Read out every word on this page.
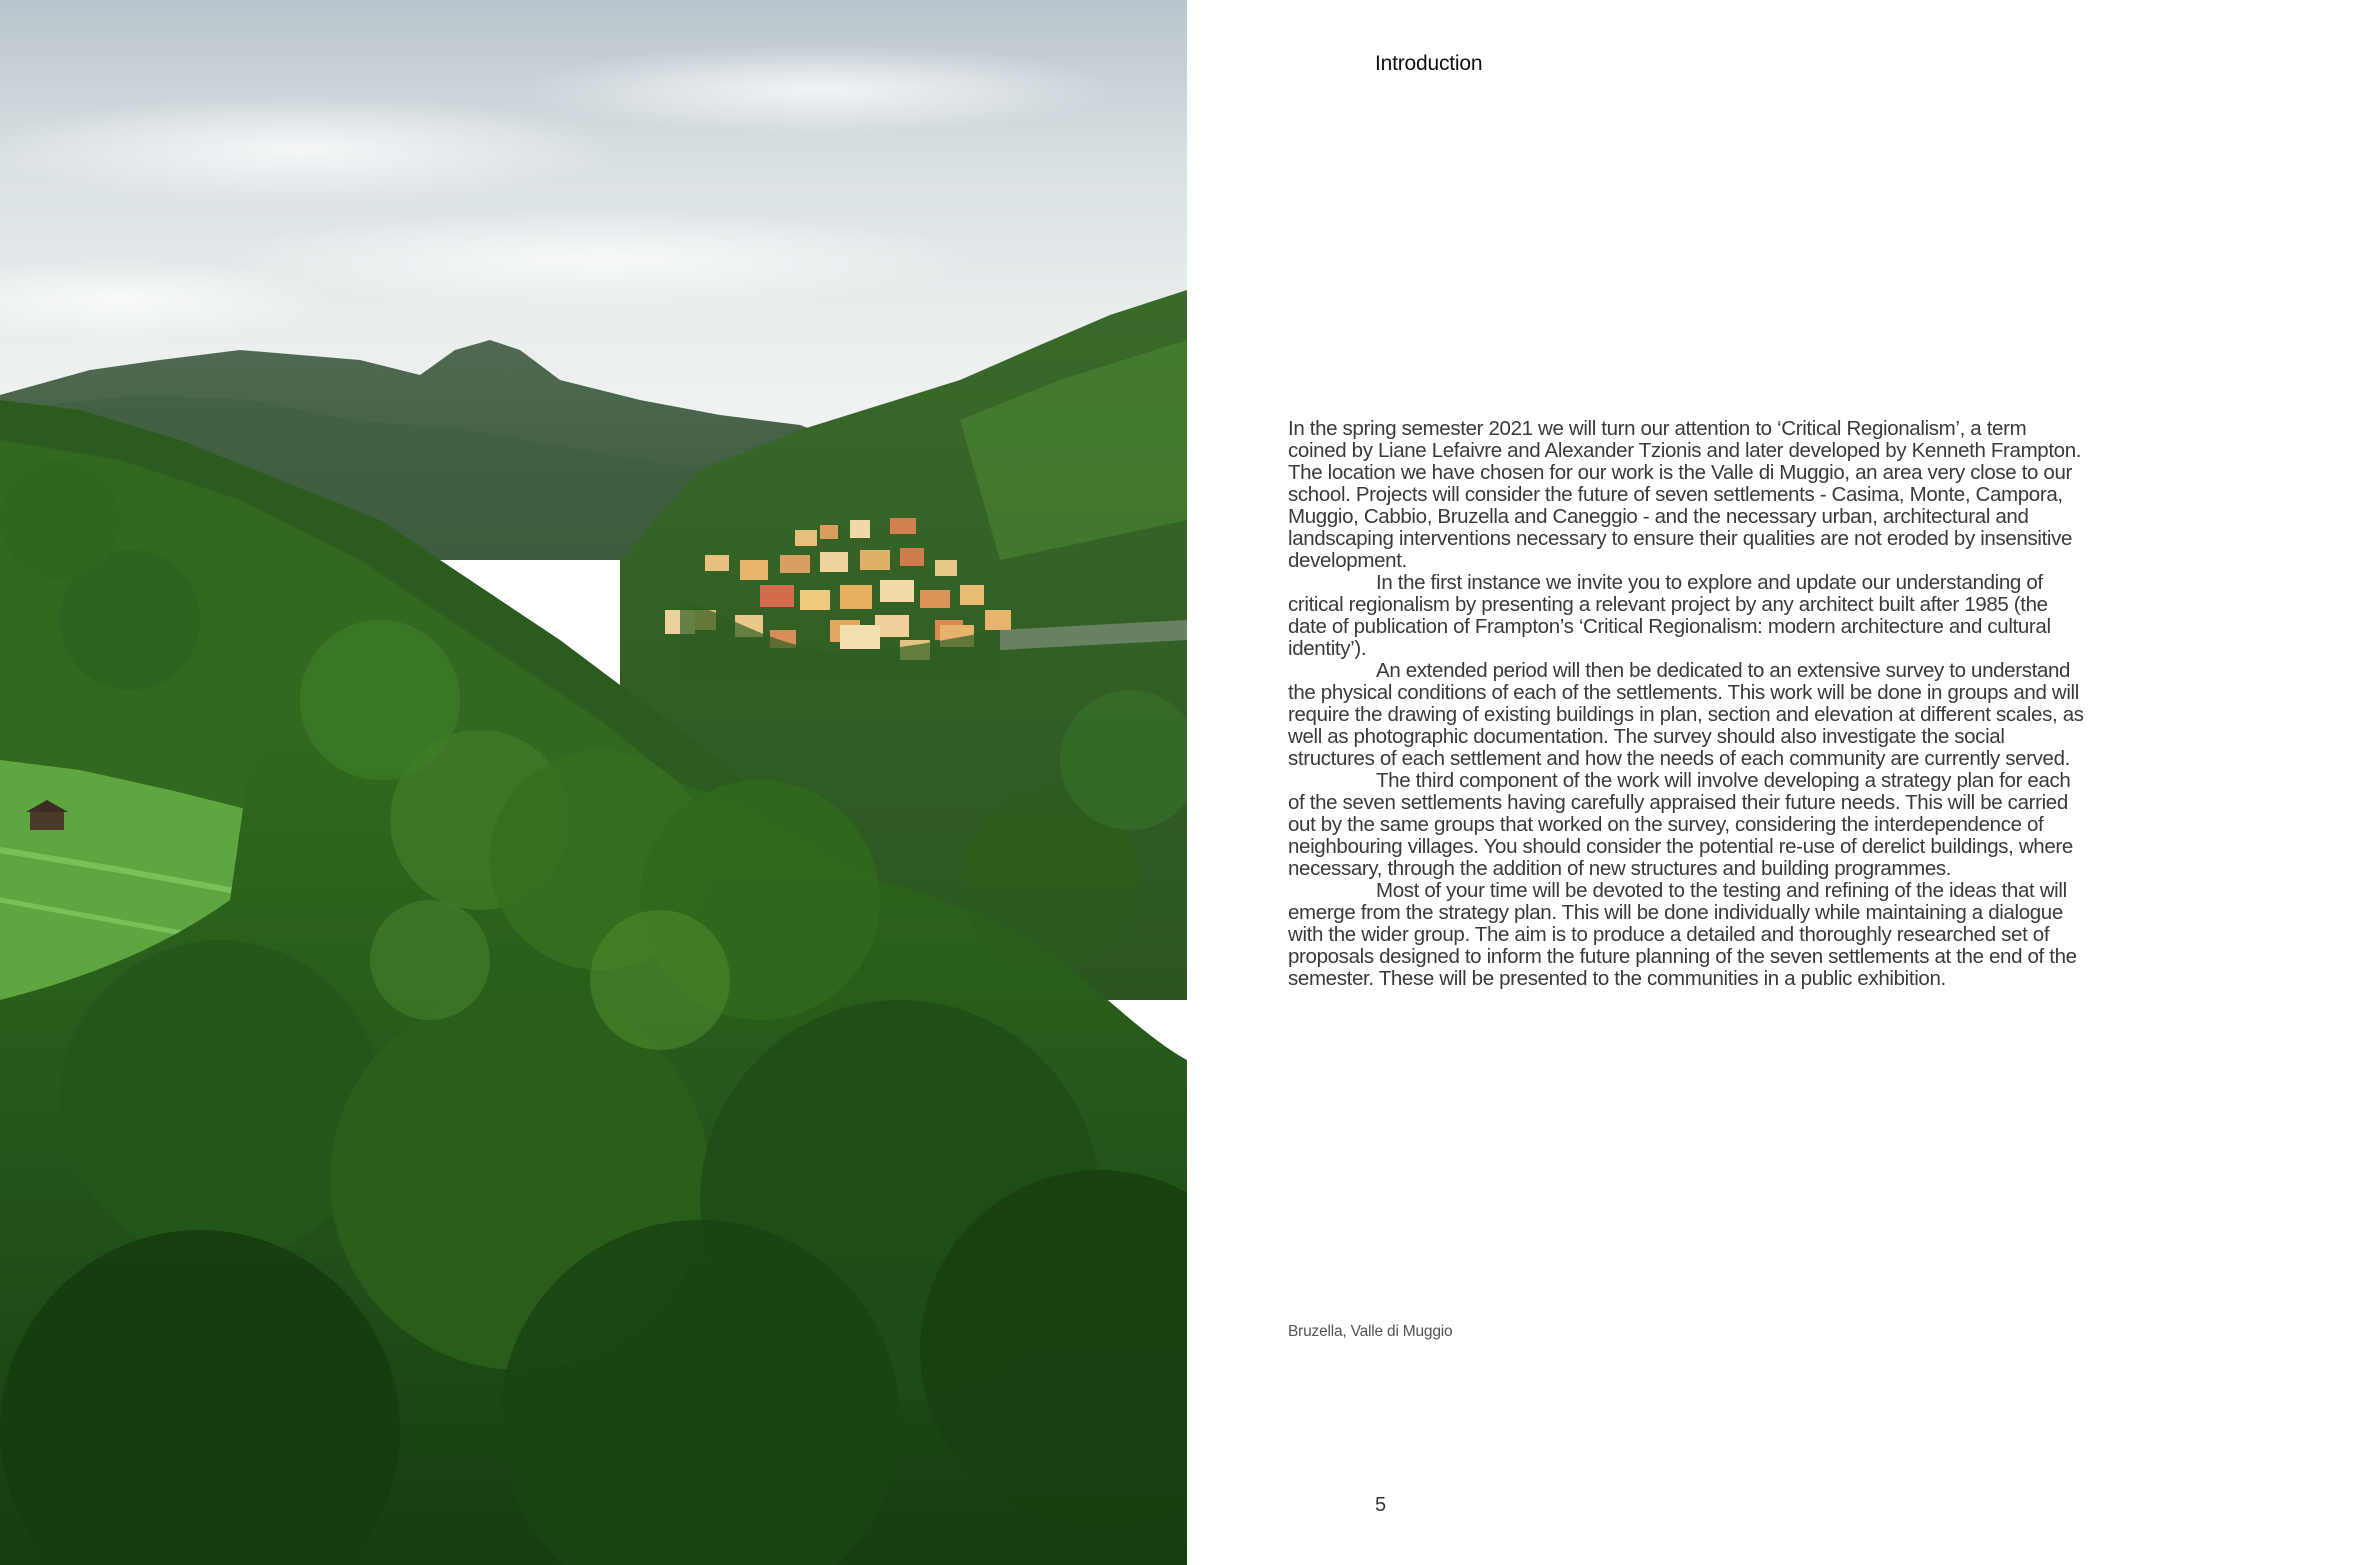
Introduction

In the spring semester 2021 we will turn our attention to ‘Critical Regionalism’, a term coined by Liane Lefaivre and Alexander Tzionis and later developed by Kenneth Frampton. The location we have chosen for our work is the Valle di Muggio, an area very close to our school. Projects will consider the future of seven settlements - Casima, Monte, Campora, Muggio, Cabbio, Bruzella and Caneggio - and the necessary urban, architectural and landscaping interventions necessary to ensure their qualities are not eroded by insensitive development.

In the first instance we invite you to explore and update our understanding of critical regionalism by presenting a relevant project by any architect built after 1985 (the date of publication of Frampton’s ‘Critical Regionalism: modern architecture and cultural identity’).

An extended period will then be dedicated to an extensive survey to understand the physical conditions of each of the settlements. This work will be done in groups and will require the drawing of existing buildings in plan, section and elevation at different scales, as well as photographic documentation. The survey should also investigate the social structures of each settlement and how the needs of each community are currently served.

The third component of the work will involve developing a strategy plan for each of the seven settlements having carefully appraised their future needs. This will be carried out by the same groups that worked on the survey, considering the interdependence of neighbouring villages. You should consider the potential re-use of derelict buildings, where necessary, through the addition of new structures and building programmes.

Most of your time will be devoted to the testing and refining of the ideas that will emerge from the strategy plan. This will be done individually while maintaining a dialogue with the wider group. The aim is to produce a detailed and thoroughly researched set of proposals designed to inform the future planning of the seven settlements at the end of the semester. These will be presented to the communities in a public exhibition.

Bruzella, Valle di Muggio
5
